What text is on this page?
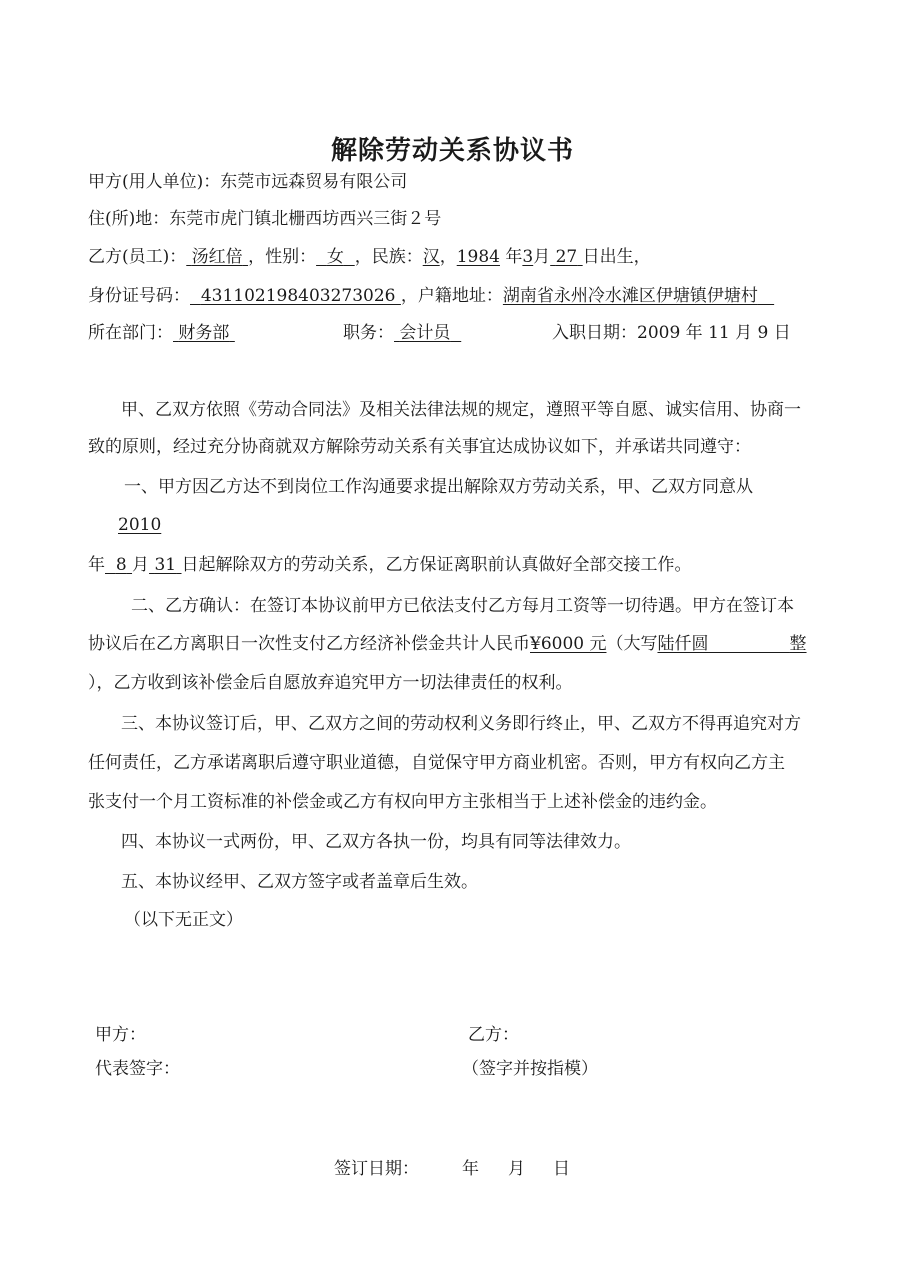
解除劳动关系协议书
甲方(用人单位)：东莞市远森贸易有限公司
住(所)地：东莞市虎门镇北栅西坊西兴三街２号
乙方(员工)： 汤红倍 ，性别： 女 ，民族：汉，1984 年3月 27 日出生，
身份证号码： 431102198403273026 ，户籍地址：湖南省永州冷水滩区伊塘镇伊塘村
所在部门： 财务部	职务： 会计员	入职日期：2009 年 11 月 9 日
甲、乙双方依照《劳动合同法》及相关法律法规的规定，遵照平等自愿、诚实信用、协商一
致的原则，经过充分协商就双方解除劳动关系有关事宜达成协议如下，并承诺共同遵守：
一、甲方因乙方达不到岗位工作沟通要求提出解除双方劳动关系，甲、乙双方同意从
2010
年 8 月 31 日起解除双方的劳动关系，乙方保证离职前认真做好全部交接工作。
二、乙方确认：在签订本协议前甲方已依法支付乙方每月工资等一切待遇。甲方在签订本
协议后在乙方离职日一次性支付乙方经济补偿金共计人民币¥6000 元（大写陆仟圆	整
），乙方收到该补偿金后自愿放弃追究甲方一切法律责任的权利。
三、本协议签订后，甲、乙双方之间的劳动权利义务即行终止，甲、乙双方不得再追究对方
任何责任，乙方承诺离职后遵守职业道德，自觉保守甲方商业机密。否则，甲方有权向乙方主
张支付一个月工资标准的补偿金或乙方有权向甲方主张相当于上述补偿金的违约金。
四、本协议一式两份，甲、乙双方各执一份，均具有同等法律效力。
五、本协议经甲、乙双方签字或者盖章后生效。
（以下无正文）
甲方：	乙方：
代表签字：	（签字并按指模）
签订日期：	年 月 日
